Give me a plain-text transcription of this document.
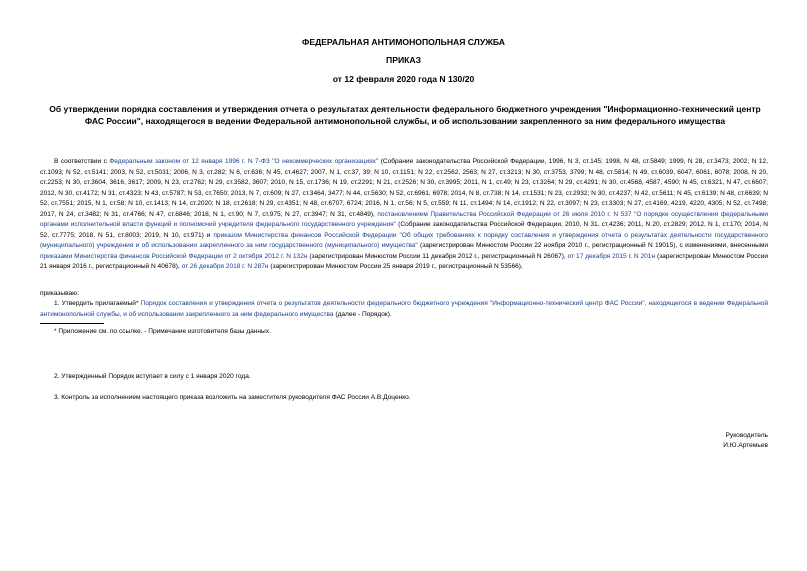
ФЕДЕРАЛЬНАЯ АНТИМОНОПОЛЬНАЯ СЛУЖБА
ПРИКАЗ
от 12 февраля 2020 года N 130/20
Об утверждении порядка составления и утверждения отчета о результатах деятельности федерального бюджетного учреждения "Информационно-технический центр ФАС России", находящегося в ведении Федеральной антимонопольной службы, и об использовании закрепленного за ним федерального имущества
В соответствии с Федеральным законом от 12 января 1996 г. N 7-ФЗ "О некоммерческих организациях" (Собрание законодательства Российской Федерации, 1996, N 3, ст.145; 1998, N 48, ст.5849; 1999, N 28, ст.3473; 2002, N 12, ст.1093; N 52, ст.5141; 2003, N 52, ст.5031; 2006, N 3, ст.282; N 6, ст.636; N 45, ст.4627; 2007, N 1, ст.37, 39; N 10, ст.1151; N 22, ст.2562, 2563; N 27, ст.3213; N 30, ст.3753, 3799; N 48, ст.5814; N 49, ст.6039, 6047, 6061, 6078; 2008, N 20, ст.2253; N 30, ст.3604, 3616, 3617; 2009, N 23, ст.2762; N 29, ст.3582, 3607; 2010, N 15, ст.1736; N 19, ст.2291; N 21, ст.2526; N 30, ст.3995; 2011, N 1, ст.49; N 23, ст.3264; N 29, ст.4291; N 30, ст.4568, 4587, 4590; N 45, ст.6321, N 47, ст.6607; 2012, N 30, ст.4172; N 31, ст.4323; N 43, ст.5787; N 53, ст.7650; 2013, N 7, ст.609; N 27, ст.3464, 3477; N 44, ст.5630; N 52, ст.6961, 6978; 2014, N 8, ст.738; N 14, ст.1531; N 23, ст.2932; N 30, ст.4237; N 42, ст.5611; N 45, ст.6139; N 48, ст.6639; N 52, ст.7551; 2015, N 1, ст.58; N 10, ст.1413; N 14, ст.2020; N 18, ст.2618; N 29, ст.4351; N 48, ст.6707, 6724; 2016, N 1, ст.56; N 5, ст.559; N 11, ст.1494; N 14, ст.1912; N 22, ст.3097; N 23, ст.3303; N 27, ст.4169, 4219, 4220, 4305; N 52, ст.7498; 2017, N 24, ст.3482; N 31, ст.4766; N 47, ст.6846; 2018, N 1, ст.90; N 7, ст.975; N 27, ст.3947; N 31, ст.4849), постановлением Правительства Российской Федерации от 26 июля 2010 г. N 537 "О порядке осуществления федеральными органами исполнительной власти функций и полномочий учредителя федерального государственного учреждения" (Собрание законодательства Российской Федерации, 2010, N 31, ст.4236; 2011, N 20, ст.2829; 2012, N 1, ст.170; 2014, N 52, ст.7775; 2018, N 51, ст.8003; 2019, N 10, ст.971) и приказом Министерства финансов Российской Федерации "Об общих требованиях к порядку составления и утверждения отчета о результатах деятельности государственного (муниципального) учреждения и об использовании закрепленного за ним государственного (муниципального) имущества" (зарегистрирован Минюстом России 22 ноября 2010 г., регистрационный N 19015), с изменениями, внесенными приказами Министерства финансов Российской Федерации от 2 октября 2012 г. N 132н (зарегистрирован Минюстом России 11 декабря 2012 г., регистрационный N 26067), от 17 декабря 2015 г. N 201н (зарегистрирован Минюстом России 21 января 2016 г., регистрационный N 40678), от 26 декабря 2018 г. N 287н (зарегистрирован Минюстом России 25 января 2019 г., регистрационный N 53566),
приказываю:
1. Утвердить прилагаемый* Порядок составления и утверждения отчета о результатов деятельности федерального бюджетного учреждения "Информационно-технический центр ФАС России", находящегося в ведении Федеральной антимонопольной службы, и об использовании закрепленного за ним федерального имущества (далее - Порядок).
* Приложение см. по ссылке. - Примечание изготовителя базы данных.
2. Утвержденный Порядок вступает в силу с 1 января 2020 года.
3. Контроль за исполнением настоящего приказа возложить на заместителя руководителя ФАС России А.В.Доценко.
Руководитель
И.Ю.Артемьев
